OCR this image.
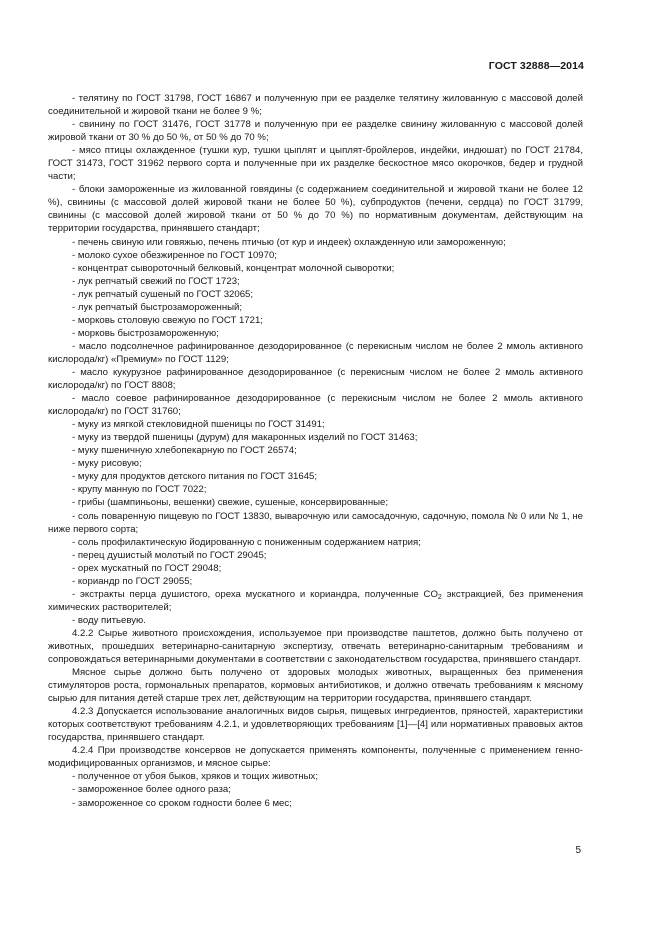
ГОСТ 32888—2014

- телятину по ГОСТ 31798, ГОСТ 16867 и полученную при ее разделке телятину жилованную с массовой долей соединительной и жировой ткани не более 9 %;

- свинину по ГОСТ 31476, ГОСТ 31778 и полученную при ее разделке свинину жилованную с массовой долей жировой ткани от 30 % до 50 %, от 50 % до 70 %;

- мясо птицы охлажденное (тушки кур, тушки цыплят и цыплят-бройлеров, индейки, индюшат) по ГОСТ 21784, ГОСТ 31473, ГОСТ 31962 первого сорта и полученные при их разделке бескостное мясо окорочков, бедер и грудной части;

- блоки замороженные из жилованной говядины (с содержанием соединительной и жировой ткани не более 12 %), свинины (с массовой долей жировой ткани не более 50 %), субпродуктов (печени, сердца) по ГОСТ 31799, свинины (с массовой долей жировой ткани от 50 % до 70 %) по нормативным документам, действующим на территории государства, принявшего стандарт;

- печень свиную или говяжью, печень птичью (от кур и индеек) охлажденную или замороженную;

- молоко сухое обезжиренное по ГОСТ 10970;

- концентрат сывороточный белковый, концентрат молочной сыворотки;

- лук репчатый свежий по ГОСТ 1723;

- лук репчатый сушеный по ГОСТ 32065;

- лук репчатый быстрозамороженный;

- морковь столовую свежую по ГОСТ 1721;

- морковь быстрозамороженную;

- масло подсолнечное рафинированное дезодорированное (с перекисным числом не более 2 ммоль активного кислорода/кг) «Премиум» по ГОСТ 1129;

- масло кукурузное рафинированное дезодорированное (с перекисным числом не более 2 ммоль активного кислорода/кг) по ГОСТ 8808;

- масло соевое рафинированное дезодорированное (с перекисным числом не более 2 ммоль активного кислорода/кг) по ГОСТ 31760;

- муку из мягкой стекловидной пшеницы по ГОСТ 31491;

- муку из твердой пшеницы (дурум) для макаронных изделий по ГОСТ 31463;

- муку пшеничную хлебопекарную по ГОСТ 26574;

- муку рисовую;

- муку для продуктов детского питания по ГОСТ 31645;

- крупу манную по ГОСТ 7022;

- грибы (шампиньоны, вешенки) свежие, сушеные, консервированные;

- соль поваренную пищевую по ГОСТ 13830, выварочную или самосадочную, садочную, помола № 0 или № 1, не ниже первого сорта;

- соль профилактическую йодированную с пониженным содержанием натрия;

- перец душистый молотый по ГОСТ 29045;

- орех мускатный по ГОСТ 29048;

- кориандр по ГОСТ 29055;

- экстракты перца душистого, ореха мускатного и кориандра, полученные $CO_2$ экстракцией, без применения химических растворителей;

- воду питьевую.

4.2.2 Сырье животного происхождения, используемое при производстве паштетов, должно быть получено от животных, прошедших ветеринарно-санитарную экспертизу, отвечать ветеринарно-санитарным требованиям и сопровождаться ветеринарными документами в соответствии с законодательством государства, принявшего стандарт.

Мясное сырье должно быть получено от здоровых молодых животных, выращенных без применения стимуляторов роста, гормональных препаратов, кормовых антибиотиков, и должно отвечать требованиям к мясному сырью для питания детей старше трех лет, действующим на территории государства, принявшего стандарт.

4.2.3 Допускается использование аналогичных видов сырья, пищевых ингредиентов, пряностей, характеристики которых соответствуют требованиям 4.2.1, и удовлетворяющих требованиям [1]—[4] или нормативных правовых актов государства, принявшего стандарт.

4.2.4 При производстве консервов не допускается применять компоненты, полученные с применением генно-модифицированных организмов, и мясное сырье:

- полученное от убоя быков, хряков и тощих животных;

- замороженное более одного раза;

- замороженное со сроком годности более 6 мес;

5
